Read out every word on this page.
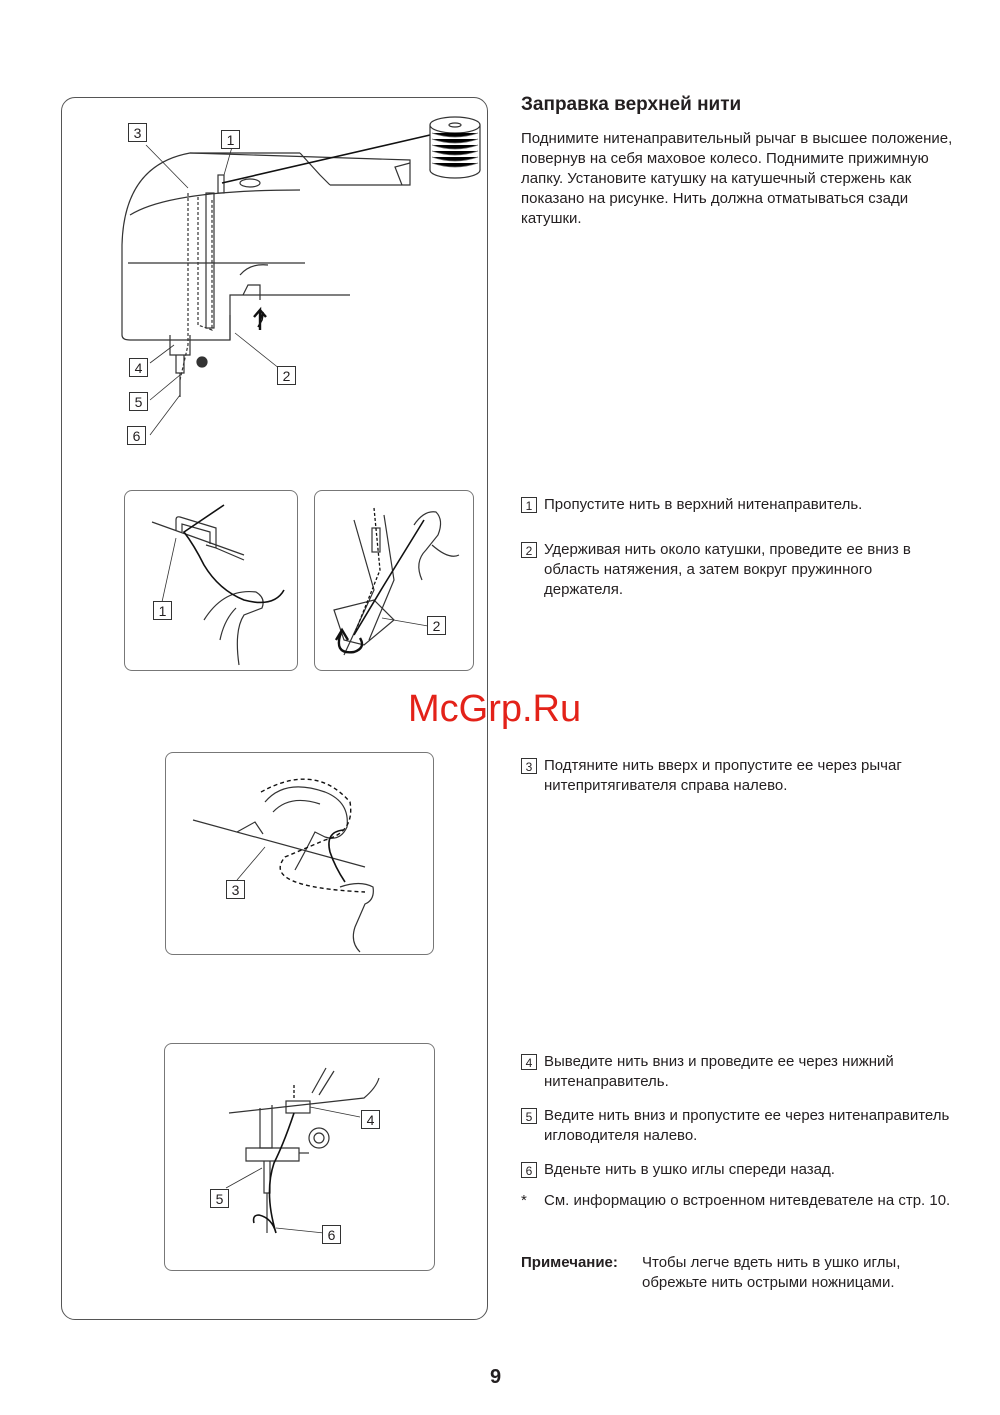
3	1
4	2
5
6
1
2
3
4
5
6
Заправка верхней нити
Поднимите нитенаправительный рычаг в высшее положение, повернув на себя маховое колесо. Поднимите прижимную лапку. Установите катушку на катушечный стержень как показано на рисунке. Нить должна отматываться сзади катушки.
1 Пропустите нить в верхний нитенаправитель.
2 Удерживая нить около катушки, проведите ее вниз в область натяжения, а затем вокруг пружинного держателя.
3 Подтяните нить вверх и пропустите ее через рычаг нитепритягивателя справа налево.
4 Выведите нить вниз и проведите ее через нижний нитенаправитель.
5 Ведите нить вниз и пропустите ее через нитенаправитель игловодителя налево.
6 Вденьте нить в ушко иглы спереди назад.
* См. информацию о встроенном нитевдевателе на стр. 10.
Примечание: Чтобы легче вдеть нить в ушко иглы, обрежьте нить острыми ножницами.
McGrp.Ru
9
